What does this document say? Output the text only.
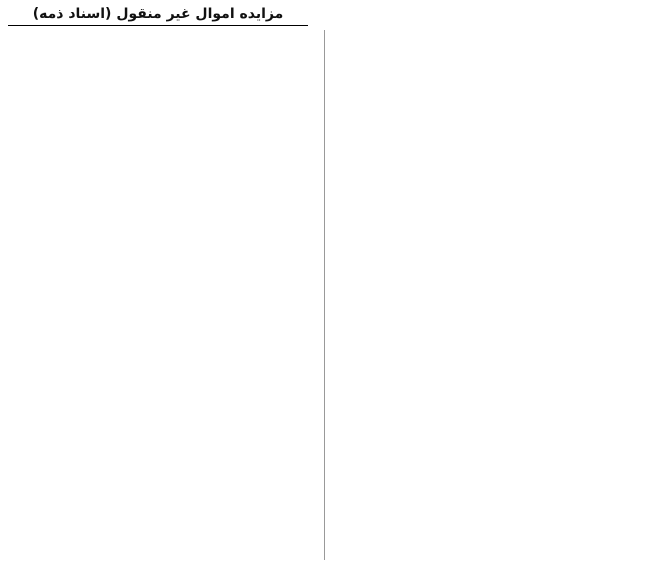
مزایده اموال غیر منقول (اسناد ذمه)
